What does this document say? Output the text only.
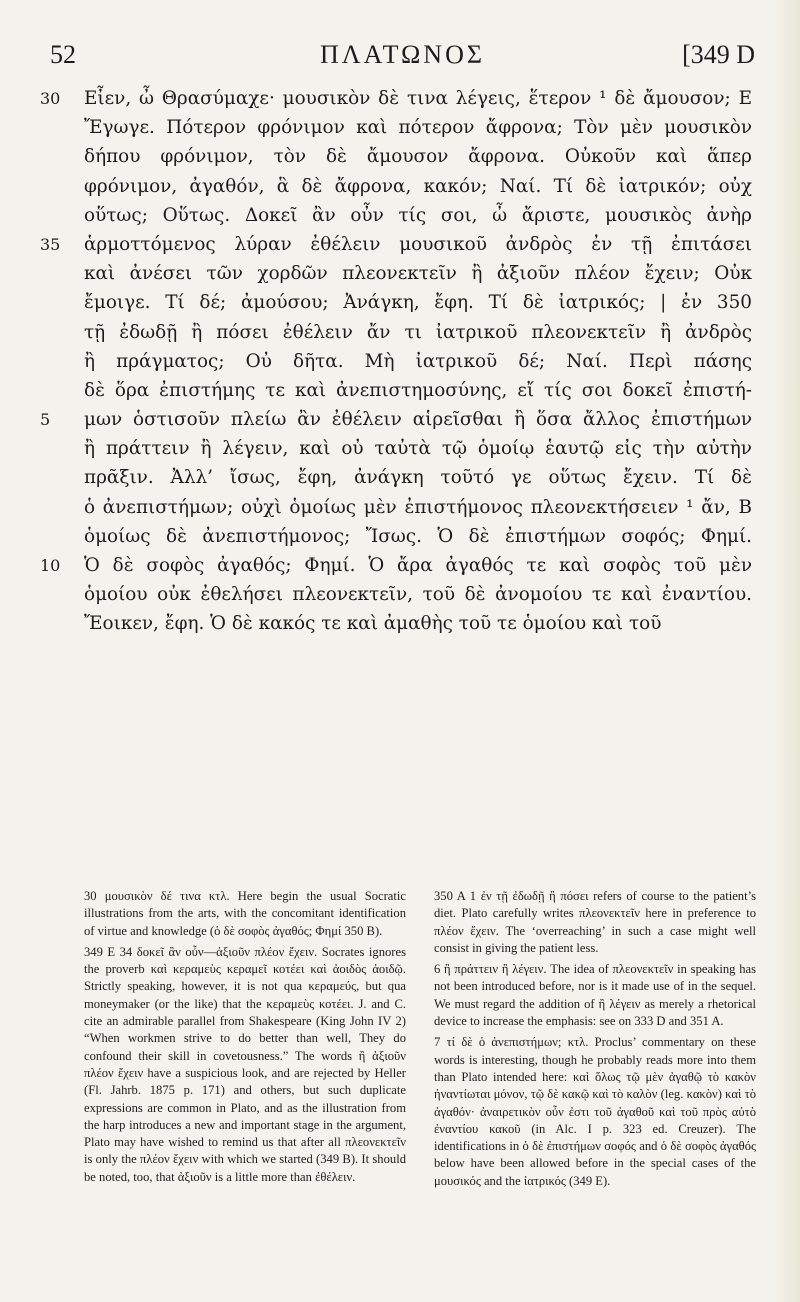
52	ΠΛΑΤΩΝΟΣ	[349 D
30	Εἶεν, ὦ Θρασύμαχε· μουσικὸν δὲ τινα λέγεις, ἕτερον ¹ δὲ ἄμουσον; E
Ἔγωγε. Πότερον φρόνιμον καὶ πότερον ἄφρονα; Τὸν μὲν μουσικὸν
δήπου φρόνιμον, τὸν δὲ ἄμουσον ἄφρονα. Οὐκοῦν καὶ ἅπερ
φρόνιμον, ἀγαθόν, ἃ δὲ ἄφρονα, κακόν; Ναί. Τί δὲ ἰατρικόν; οὐχ
οὕτως; Οὕτως. Δοκεῖ ἂν οὖν τίς σοι, ὦ ἄριστε, μουσικὸς ἀνὴρ
35	ἁρμοττόμενος λύραν ἐθέλειν μουσικοῦ ἀνδρὸς ἐν τῇ ἐπιτάσει
καὶ ἀνέσει τῶν χορδῶν πλεονεκτεῖν ἢ ἀξιοῦν πλέον ἔχειν; Οὐκ
ἔμοιγε. Τί δέ; ἀμούσου; Ἀνάγκη, ἔφη. Τί δὲ ἰατρικός; | ἐν 350
τῇ ἐδωδῇ ἢ πόσει ἐθέλειν ἄν τι ἰατρικοῦ πλεονεκτεῖν ἢ ἀνδρὸς
ἢ πράγματος; Οὐ δῆτα. Μὴ ἰατρικοῦ δέ; Ναί. Περὶ πάσης
δὲ ὅρα ἐπιστήμης τε καὶ ἀνεπιστημοσύνης, εἴ τίς σοι δοκεῖ ἐπιστή-
5	μων ὁστισοῦν πλείω ἂν ἐθέλειν αἱρεῖσθαι ἢ ὅσα ἄλλος ἐπιστήμων
ἢ πράττειν ἢ λέγειν, καὶ οὐ ταὐτὰ τῷ ὁμοίῳ ἑαυτῷ εἰς τὴν αὐτὴν
πρᾶξιν. Ἀλλ’ ἴσως, ἔφη, ἀνάγκη τοῦτό γε οὕτως ἔχειν. Τί δὲ
ὁ ἀνεπιστήμων; οὐχὶ ὁμοίως μὲν ἐπιστήμονος πλεονεκτήσειεν ¹ ἄν, B
ὁμοίως δὲ ἀνεπιστήμονος; Ἴσως. Ὁ δὲ ἐπιστήμων σοφός; Φημί.
10	Ὁ δὲ σοφὸς ἀγαθός; Φημί. Ὁ ἄρα ἀγαθός τε καὶ σοφὸς τοῦ μὲν
ὁμοίου οὐκ ἐθελήσει πλεονεκτεῖν, τοῦ δὲ ἀνομοίου τε καὶ ἐναντίου.
Ἔοικεν, ἔφη. Ὁ δὲ κακός τε καὶ ἀμαθὴς τοῦ τε ὁμοίου καὶ τοῦ

30 μουσικὸν δέ τινα κτλ. Here begin the usual Socratic illustrations from the arts, with the concomitant identification of virtue and knowledge (ὁ δὲ σοφὸς ἀγαθός; Φημί 350 B).

349 E 34 δοκεῖ ἂν οὖν—ἀξιοῦν πλέον ἔχειν. Socrates ignores the proverb καὶ κεραμεὺς κεραμεῖ κοτέει καὶ ἀοιδὸς ἀοιδῷ. Strictly speaking, however, it is not qua κεραμεύς, but qua moneymaker (or the like) that the κεραμεὺς κοτέει. J. and C. cite an admirable parallel from Shakespeare (King John IV 2) “When workmen strive to do better than well, They do confound their skill in covetousness.” The words ἢ ἀξιοῦν πλέον ἔχειν have a suspicious look, and are rejected by Heller (Fl. Jahrb. 1875 p. 171) and others, but such duplicate expressions are common in Plato, and as the illustration from the harp introduces a new and important stage in the argument, Plato may have wished to remind us that after all πλεονεκτεῖν is only the πλέον ἔχειν with which we started (349 B). It should be noted, too, that ἀξιοῦν is a little more than ἐθέλειν.

350 A 1 ἐν τῇ ἐδωδῇ ἢ πόσει refers of course to the patient’s diet. Plato carefully writes πλεονεκτεῖν here in preference to πλέον ἔχειν. The ‘overreaching’ in such a case might well consist in giving the patient less.

6 ἢ πράττειν ἢ λέγειν. The idea of πλεονεκτεῖν in speaking has not been introduced before, nor is it made use of in the sequel. We must regard the addition of ἢ λέγειν as merely a rhetorical device to increase the emphasis: see on 333 D and 351 A.

7 τί δὲ ὁ ἀνεπιστήμων; κτλ. Proclus’ commentary on these words is interesting, though he probably reads more into them than Plato intended here: καὶ ὅλως τῷ μὲν ἀγαθῷ τὸ κακὸν ἠναντίωται μόνον, τῷ δὲ κακῷ καὶ τὸ καλὸν (leg. κακὸν) καὶ τὸ ἀγαθόν· ἀναιρετικὸν οὖν ἐστι τοῦ ἀγαθοῦ καὶ τοῦ πρὸς αὐτὸ ἐναντίου κακοῦ (in Alc. I p. 323 ed. Creuzer). The identifications in ὁ δὲ ἐπιστήμων σοφός and ὁ δὲ σοφὸς ἀγαθός below have been allowed before in the special cases of the μουσικός and the ἰατρικός (349 E).
